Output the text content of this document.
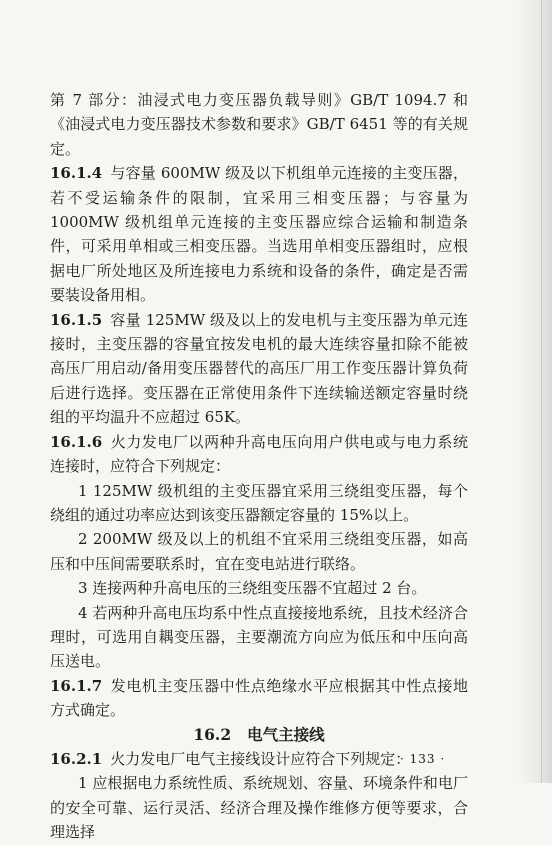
第 7 部分：油浸式电力变压器负载导则》GB/T 1094.7 和《油浸式电力变压器技术参数和要求》GB/T 6451 等的有关规定。

16.1.4 与容量 600MW 级及以下机组单元连接的主变压器，若不受运输条件的限制，宜采用三相变压器；与容量为 1000MW 级机组单元连接的主变压器应综合运输和制造条件，可采用单相或三相变压器。当选用单相变压器组时，应根据电厂所处地区及所连接电力系统和设备的条件，确定是否需要装设备用相。

16.1.5 容量 125MW 级及以上的发电机与主变压器为单元连接时，主变压器的容量宜按发电机的最大连续容量扣除不能被高压厂用启动/备用变压器替代的高压厂用工作变压器计算负荷后进行选择。变压器在正常使用条件下连续输送额定容量时绕组的平均温升不应超过 65K。

16.1.6 火力发电厂以两种升高电压向用户供电或与电力系统连接时，应符合下列规定：

1 125MW 级机组的主变压器宜采用三绕组变压器，每个绕组的通过功率应达到该变压器额定容量的 15%以上。

2 200MW 级及以上的机组不宜采用三绕组变压器，如高压和中压间需要联系时，宜在变电站进行联络。

3 连接两种升高电压的三绕组变压器不宜超过 2 台。

4 若两种升高电压均系中性点直接接地系统，且技术经济合理时，可选用自耦变压器，主要潮流方向应为低压和中压向高压送电。

16.1.7 发电机主变压器中性点绝缘水平应根据其中性点接地方式确定。

16.2 电气主接线

16.2.1 火力发电厂电气主接线设计应符合下列规定：

1 应根据电力系统性质、系统规划、容量、环境条件和电厂的安全可靠、运行灵活、经济合理及操作维修方便等要求，合理选择

· 133 ·
